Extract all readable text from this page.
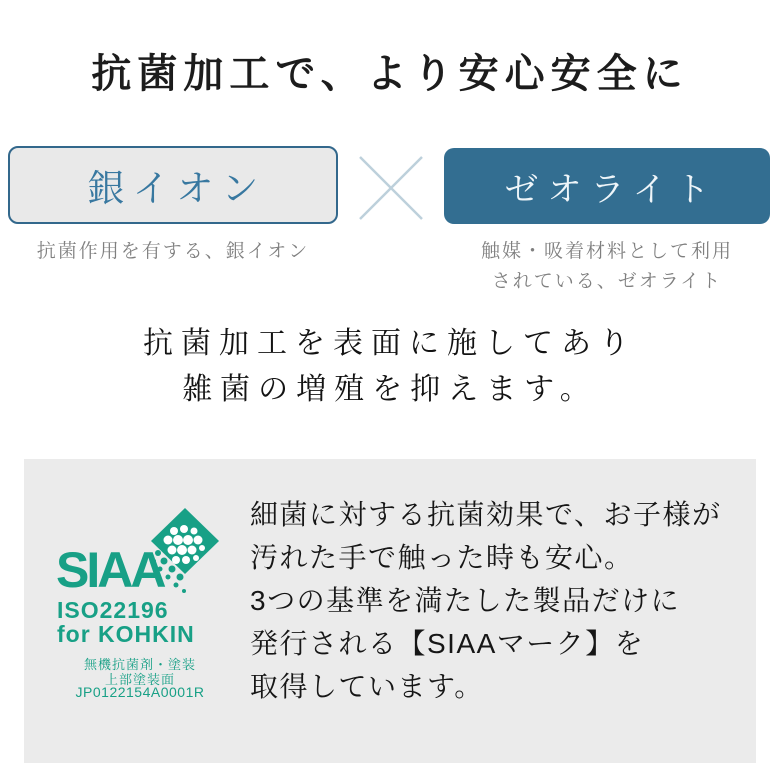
抗菌加工で、より安心安全に
銀イオン
抗菌作用を有する、銀イオン
ゼオライト
触媒・吸着材料として利用
されている、ゼオライト
抗菌加工を表面に施してあり
雑菌の増殖を抑えます。
SIAA
ISO22196
for KOHKIN
無機抗菌剤・塗装
上部塗装面
JP0122154A0001R
細菌に対する抗菌効果で、お子様が
汚れた手で触った時も安心。
3つの基準を満たした製品だけに
発行される【SIAAマーク】を
取得しています。
